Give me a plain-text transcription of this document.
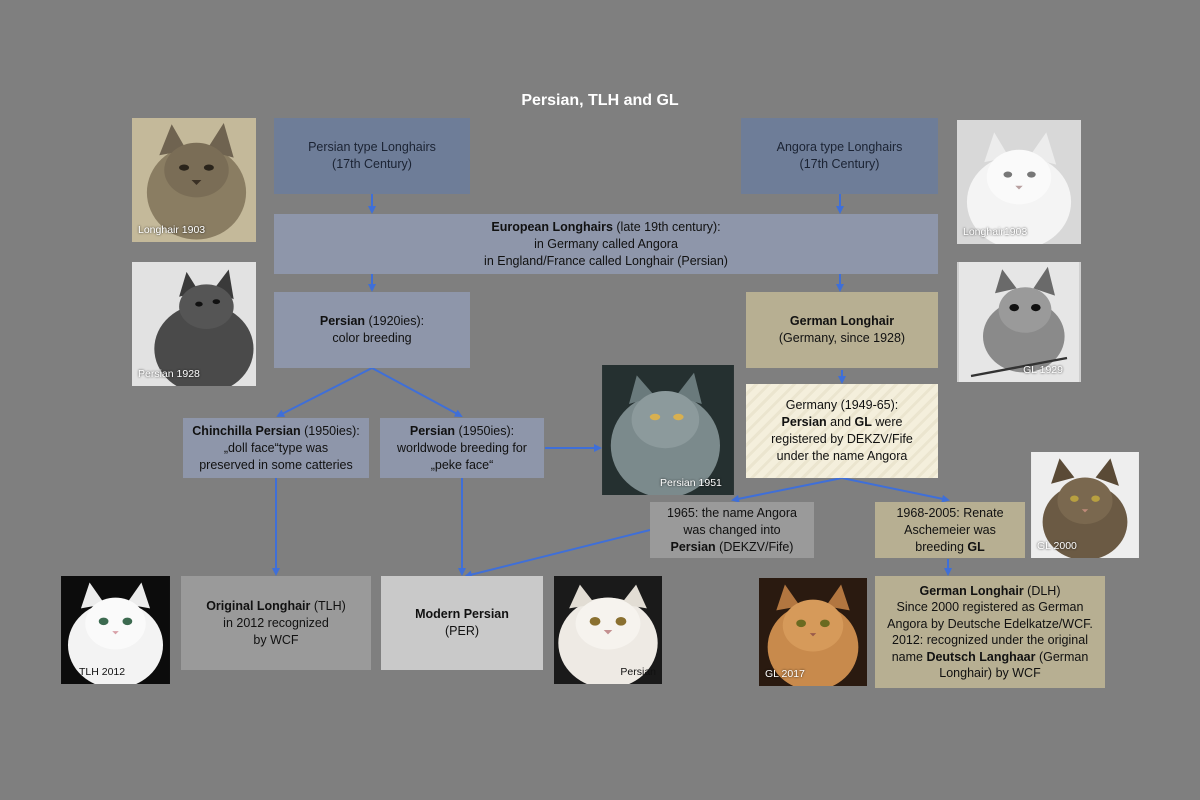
Persian, TLH and GL
Persian type Longhairs
(17th Century)
Angora type Longhairs
(17th Century)
European Longhairs (late 19th century):
in Germany called Angora
in England/France called Longhair (Persian)
Persian (1920ies):
color breeding
German Longhair
(Germany, since 1928)
Chinchilla Persian (1950ies):
„doll face“type was
preserved in some catteries
Persian (1950ies):
worldwode breeding for
„peke face“
Germany (1949-65):
Persian and GL were
registered by DEKZV/Fife
under the name Angora
1965: the name Angora
was changed into
Persian (DEKZV/Fife)
1968-2005: Renate
Aschemeier was
breeding GL
Original Longhair (TLH)
in 2012 recognized
by WCF
Modern Persian
(PER)
German Longhair (DLH)
Since 2000 registered as German
Angora by Deutsche Edelkatze/WCF.
2012: recognized under the original
name Deutsch Langhaar (German
Longhair) by WCF
Longhair 1903
Persian 1928
Longhair1903
GL 1929
Persian 1951
GL 2000
TLH 2012	Persian	GL 2017
